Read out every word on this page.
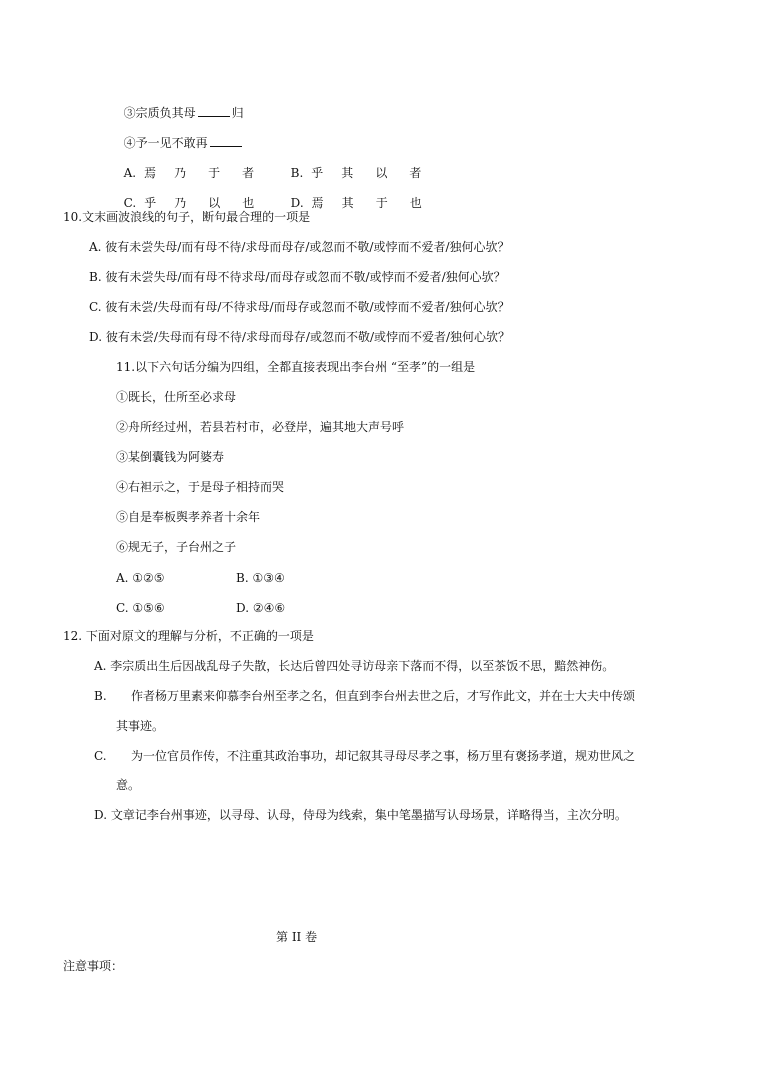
③宗质负其母	归

④予一见不敢再

A. 焉 乃 于 者	B. 乎 其 以 者

C. 乎 乃 以 也	D. 焉 其 于 也

10.文末画波浪线的句子，断句最合理的一项是
A. 彼有未尝失母/而有母不待/求母而母存/或忽而不敬/或悖而不爱者/独何心欤？
B. 彼有未尝失母/而有母不待求母/而母存或忽而不敬/或悖而不爱者/独何心欤？
C. 彼有未尝/失母而有母/不待求母/而母存或忽而不敬/或悖而不爱者/独何心欤？
D. 彼有未尝/失母而有母不待/求母而母存/或忽而不敬/或悖而不爱者/独何心欤？
11.以下六句话分编为四组，全都直接表现出李台州 “至孝”的一组是
①既长，仕所至必求母
②舟所经过州，若县若村市，必登岸，遍其地大声号呼
③某倒囊钱为阿婆寿
④右袒示之，于是母子相持而哭
⑤自是奉板舆孝养者十余年
⑥规无子，子台州之子
A. ①②⑤	B. ①③④
C. ①⑤⑥	D. ②④⑥
12. 下面对原文的理解与分析，不正确的一项是
A. 李宗质出生后因战乱母子失散，长达后曾四处寻访母亲下落而不得，以至茶饭不思，黯然神伤。
B. 作者杨万里素来仰慕李台州至孝之名，但直到李台州去世之后，才写作此文，并在士大夫中传颂
其事迹。
C. 为一位官员作传，不注重其政治事功，却记叙其寻母尽孝之事，杨万里有褒扬孝道，规劝世风之
意。
D. 文章记李台州事迹，以寻母、认母，侍母为线索，集中笔墨描写认母场景，详略得当，主次分明。
第 II 卷
注意事项：
